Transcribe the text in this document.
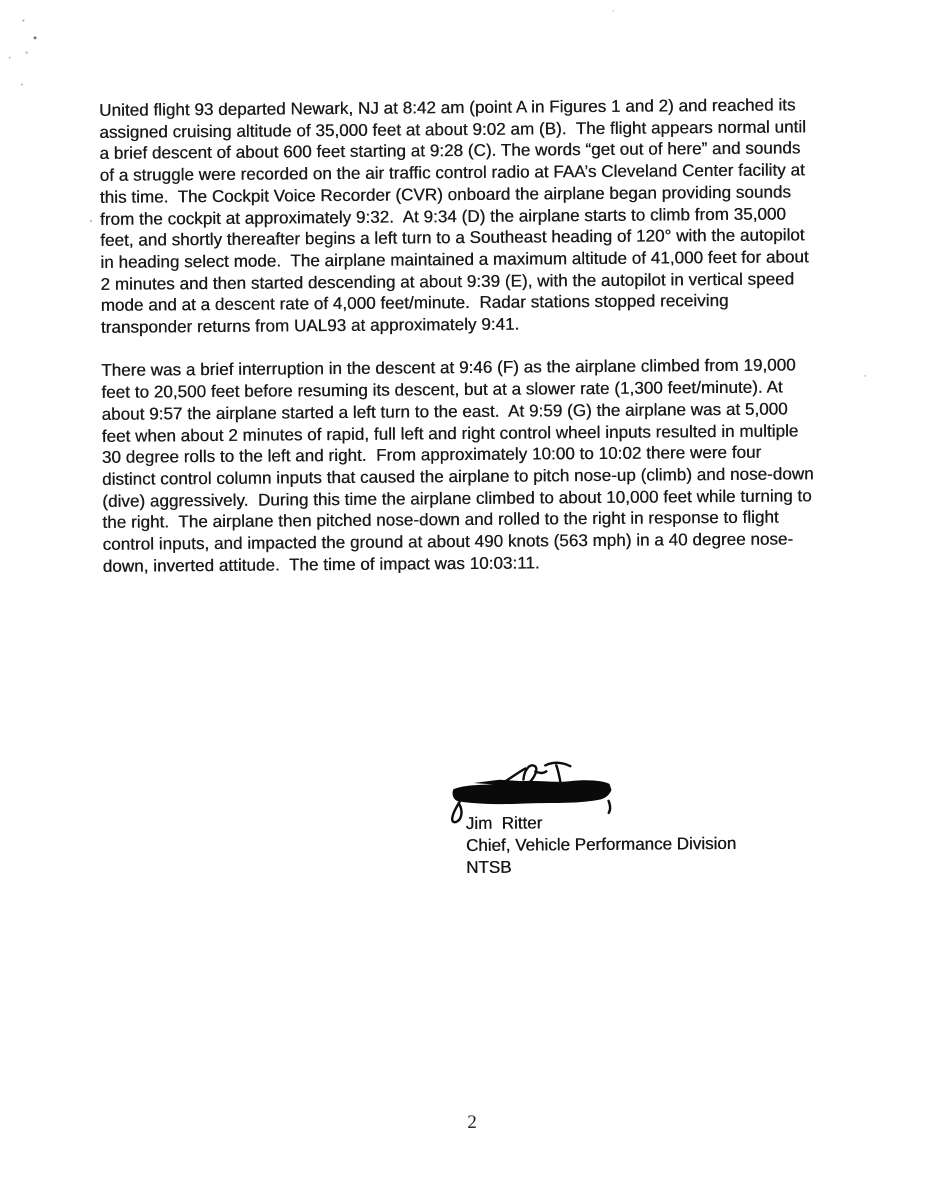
United flight 93 departed Newark, NJ at 8:42 am (point A in Figures 1 and 2) and reached its assigned cruising altitude of 35,000 feet at about 9:02 am (B).  The flight appears normal until a brief descent of about 600 feet starting at 9:28 (C). The words “get out of here” and sounds of a struggle were recorded on the air traffic control radio at FAA’s Cleveland Center facility at this time.  The Cockpit Voice Recorder (CVR) onboard the airplane began providing sounds from the cockpit at approximately 9:32.  At 9:34 (D) the airplane starts to climb from 35,000 feet, and shortly thereafter begins a left turn to a Southeast heading of 120° with the autopilot in heading select mode.  The airplane maintained a maximum altitude of 41,000 feet for about 2 minutes and then started descending at about 9:39 (E), with the autopilot in vertical speed mode and at a descent rate of 4,000 feet/minute.  Radar stations stopped receiving transponder returns from UAL93 at approximately 9:41.

There was a brief interruption in the descent at 9:46 (F) as the airplane climbed from 19,000 feet to 20,500 feet before resuming its descent, but at a slower rate (1,300 feet/minute). At about 9:57 the airplane started a left turn to the east.  At 9:59 (G) the airplane was at 5,000 feet when about 2 minutes of rapid, full left and right control wheel inputs resulted in multiple 30 degree rolls to the left and right.  From approximately 10:00 to 10:02 there were four distinct control column inputs that caused the airplane to pitch nose-up (climb) and nose-down (dive) aggressively.  During this time the airplane climbed to about 10,000 feet while turning to the right.  The airplane then pitched nose-down and rolled to the right in response to flight control inputs, and impacted the ground at about 490 knots (563 mph) in a 40 degree nose-down, inverted attitude.  The time of impact was 10:03:11.

Jim  Ritter
Chief, Vehicle Performance Division
NTSB
2
